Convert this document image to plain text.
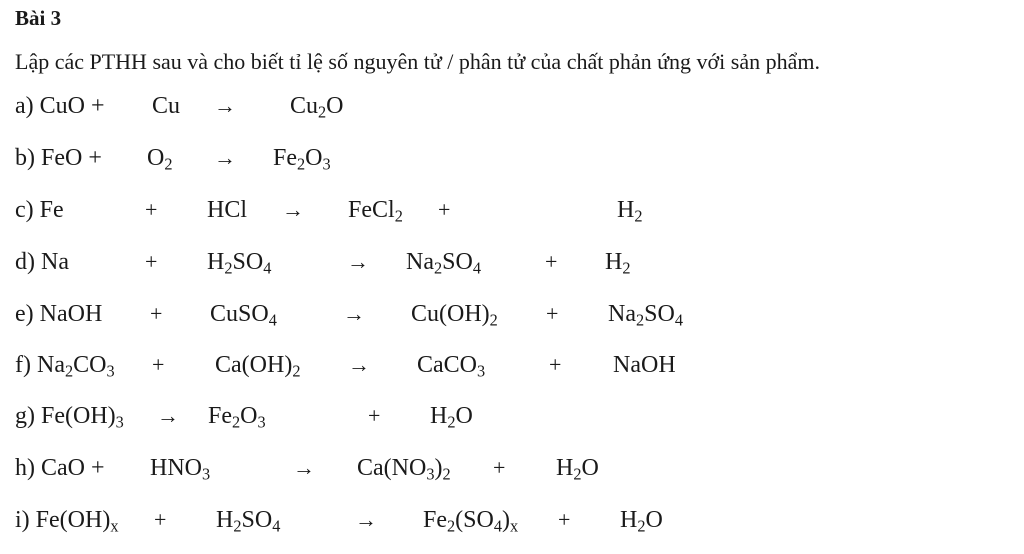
Bài 3
Lập các PTHH sau và cho biết tỉ lệ số nguyên tử / phân tử của chất phản ứng với sản phẩm.
a) CuO + $Cu \to Cu_2O$
b) FeO + $O_2 \to Fe_2O_3$
c) Fe	+ HCl → FeCl$_2$ +	$H_2$
d) Na	+ $H_2SO_4$	→ $Na_2SO_4$	+ $H_2$
e) NaOH + CuSO$_4$	→ $Cu(OH)_2 + Na_2SO_4$
f) $Na_2CO_3 + Ca(OH)_2$ → CaCO$_3$	+ NaOH
g) $Fe(OH)_3 \to Fe_2O_3$	+ $H_2O$
h) CaO + $HNO_3$	→ $Ca(NO_3)_2 + H_2O$
i) $Fe(OH)_x + H_2SO_4$	→ $Fe_2(SO_4)_x + H_2O$
